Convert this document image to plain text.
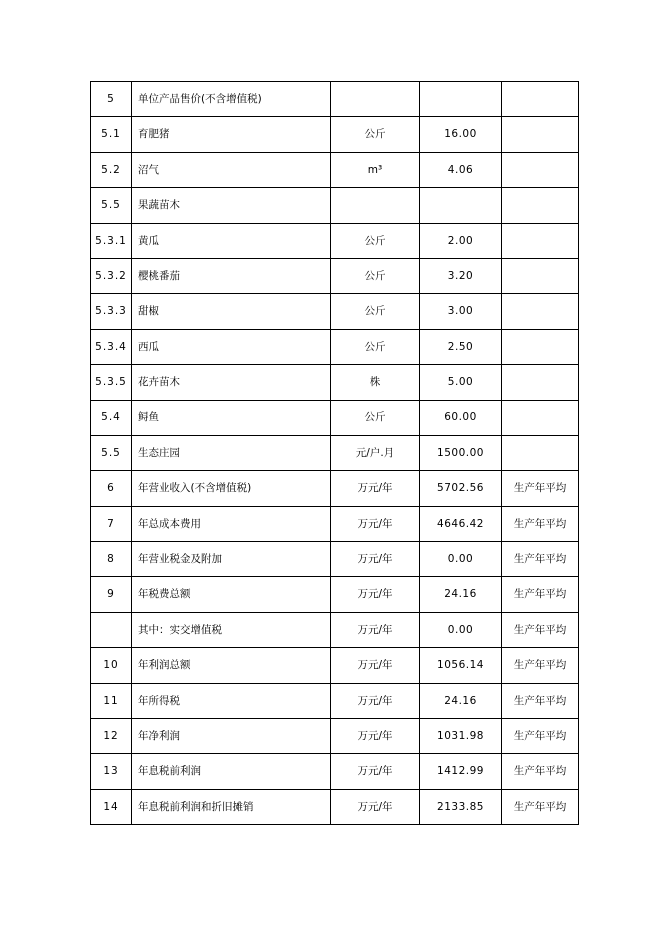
5	单位产品售价(不含增值税)			
5.1	育肥猪	公斤	16.00	
5.2	沼气	m³	4.06	
5.5	果蔬苗木			
5.3.1	黄瓜	公斤	2.00	
5.3.2	樱桃番茄	公斤	3.20	
5.3.3	甜椒	公斤	3.00	
5.3.4	西瓜	公斤	2.50	
5.3.5	花卉苗木	株	5.00	
5.4	鲟鱼	公斤	60.00	
5.5	生态庄园	元/户.月	1500.00	
6	年营业收入(不含增值税)	万元/年	5702.56	生产年平均
7	年总成本费用	万元/年	4646.42	生产年平均
8	年营业税金及附加	万元/年	0.00	生产年平均
9	年税费总额	万元/年	24.16	生产年平均
	其中：实交增值税	万元/年	0.00	生产年平均
10	年利润总额	万元/年	1056.14	生产年平均
11	年所得税	万元/年	24.16	生产年平均
12	年净利润	万元/年	1031.98	生产年平均
13	年息税前利润	万元/年	1412.99	生产年平均
14	年息税前利润和折旧摊销	万元/年	2133.85	生产年平均
